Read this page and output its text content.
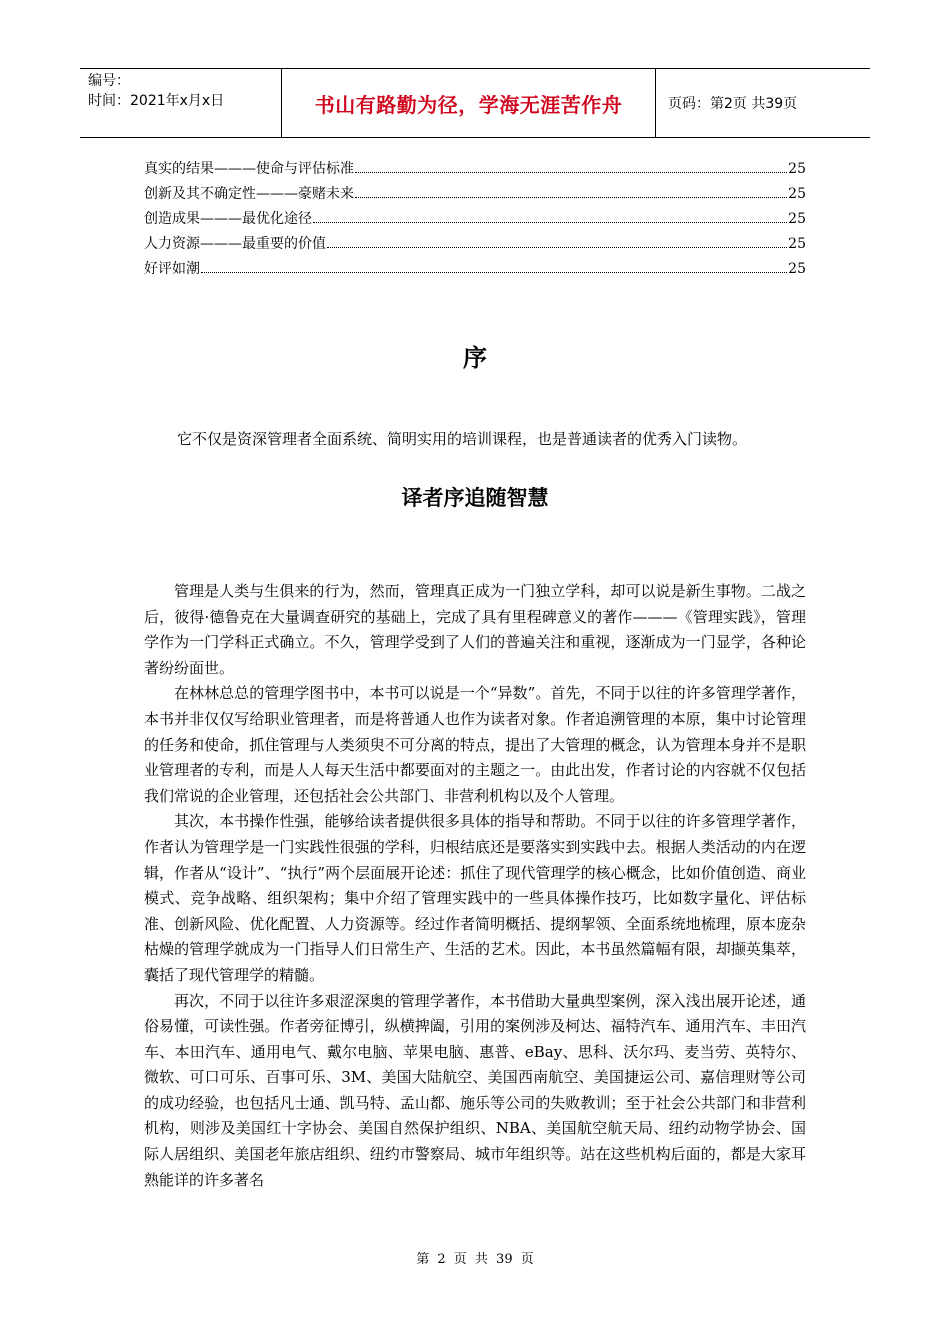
编号：
时间：2021年x月x日	书山有路勤为径，学海无涯苦作舟	页码：第2页 共39页
真实的结果———使命与评估标准	25
创新及其不确定性———豪赌未来	25
创造成果———最优化途径	25
人力资源———最重要的价值	25
好评如潮	25
序
它不仅是资深管理者全面系统、简明实用的培训课程，也是普通读者的优秀入门读物。
译者序追随智慧

管理是人类与生俱来的行为，然而，管理真正成为一门独立学科，却可以说是新生事物。二战之后，彼得·德鲁克在大量调查研究的基础上，完成了具有里程碑意义的著作———《管理实践》，管理学作为一门学科正式确立。不久，管理学受到了人们的普遍关注和重视，逐渐成为一门显学，各种论著纷纷面世。

在林林总总的管理学图书中，本书可以说是一个“异数”。首先，不同于以往的许多管理学著作，本书并非仅仅写给职业管理者，而是将普通人也作为读者对象。作者追溯管理的本原，集中讨论管理的任务和使命，抓住管理与人类须臾不可分离的特点，提出了大管理的概念，认为管理本身并不是职业管理者的专利，而是人人每天生活中都要面对的主题之一。由此出发，作者讨论的内容就不仅包括我们常说的企业管理，还包括社会公共部门、非营利机构以及个人管理。

其次，本书操作性强，能够给读者提供很多具体的指导和帮助。不同于以往的许多管理学著作，作者认为管理学是一门实践性很强的学科，归根结底还是要落实到实践中去。根据人类活动的内在逻辑，作者从“设计”、“执行”两个层面展开论述：抓住了现代管理学的核心概念，比如价值创造、商业模式、竞争战略、组织架构；集中介绍了管理实践中的一些具体操作技巧，比如数字量化、评估标准、创新风险、优化配置、人力资源等。经过作者简明概括、提纲挈领、全面系统地梳理，原本庞杂枯燥的管理学就成为一门指导人们日常生产、生活的艺术。因此，本书虽然篇幅有限，却撷英集萃，囊括了现代管理学的精髓。

再次，不同于以往许多艰涩深奥的管理学著作，本书借助大量典型案例，深入浅出展开论述，通俗易懂，可读性强。作者旁征博引，纵横捭阖，引用的案例涉及柯达、福特汽车、通用汽车、丰田汽车、本田汽车、通用电气、戴尔电脑、苹果电脑、惠普、eBay、思科、沃尔玛、麦当劳、英特尔、微软、可口可乐、百事可乐、3M、美国大陆航空、美国西南航空、美国捷运公司、嘉信理财等公司的成功经验，也包括凡士通、凯马特、孟山都、施乐等公司的失败教训；至于社会公共部门和非营利机构，则涉及美国红十字协会、美国自然保护组织、NBA、美国航空航天局、纽约动物学协会、国际人居组织、美国老年旅店组织、纽约市警察局、城市年组织等。站在这些机构后面的，都是大家耳熟能详的许多著名

第 2 页 共 39 页
